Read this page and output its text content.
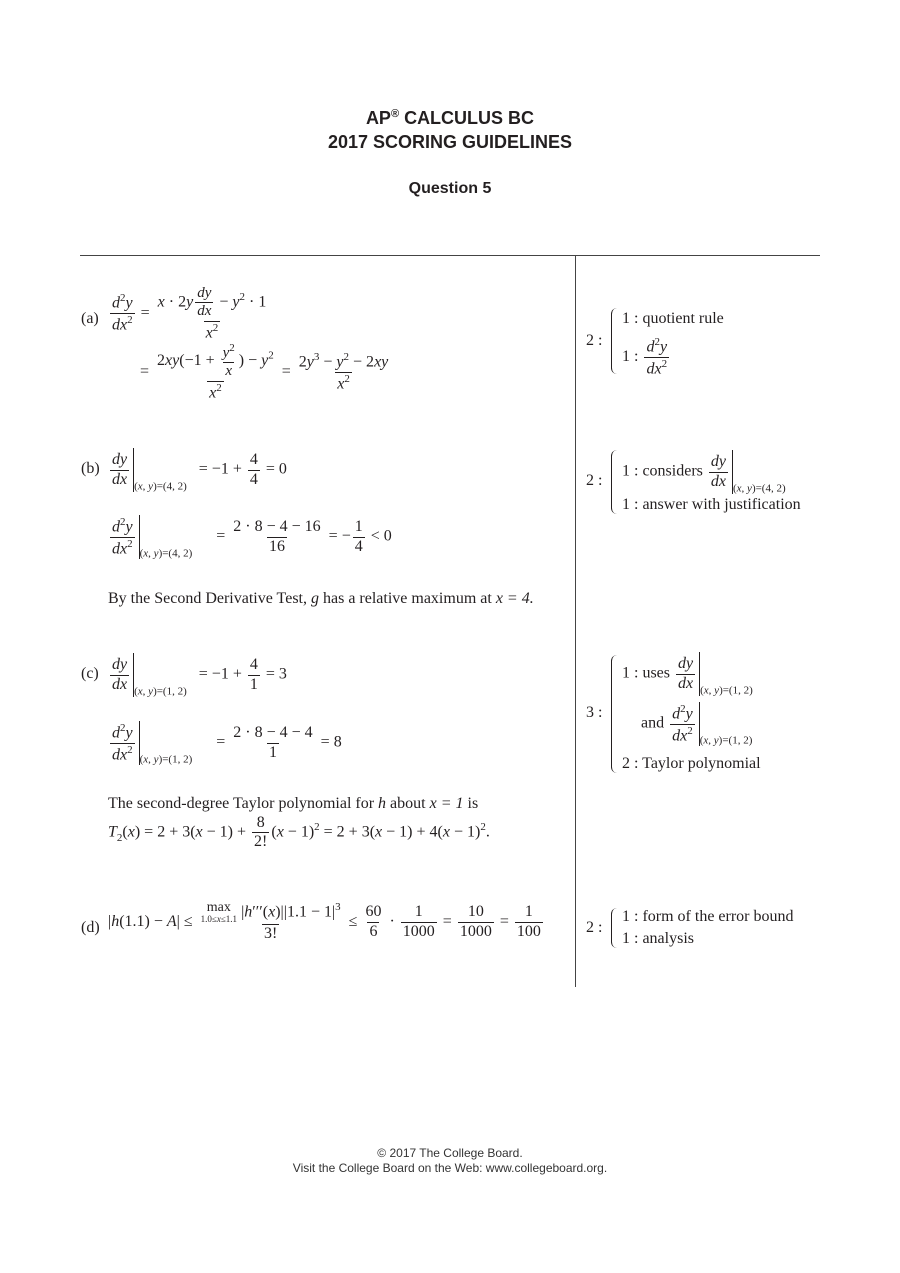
AP® CALCULUS BC
2017 SCORING GUIDELINES
Question 5
$(a) \frac{d^2y}{dx^2} = \frac{x \cdot 2y \frac{dy}{dx} - y^2 \cdot 1}{x^2}$
= $\frac{2xy(-1 + \frac{y^2}{x} ) - y^2}{x^2} = \frac{2y^3 - y^2 - 2xy}{x^2}$
2 :
1 : quotient rule
1 : $\frac{d^2y}{dx^2}$
$(b) \frac{dy}{dx} _{(x, y)=(4, 2)} = -1 + \frac{4}{4} = 0$
$\frac{d^2y}{dx^2} _{(x, y)=(4, 2)}$      = $\frac{2 \cdot 8 - 4 - 16}{16}$ = − $\frac{1}{4} < 0$
By the Second Derivative Test, g has a relative maximum at x = 4.
2 :
1 : considers $\frac{dy}{dx} _{(x, y)=(4, 2)}$
1 : answer with justification
$(c) \frac{dy}{dx} _{(x, y)=(1, 2)} = -1 + \frac{4}{1} = 3$
$\frac{d^2y}{dx^2} _{(x, y)=(1, 2)}$      = $\frac{2 \cdot 8 - 4 - 4}{1} = 8$
The second-degree Taylor polynomial for h about x = 1 is
$T_2(x) = 2 + 3(x - 1) + \frac{8}{2!} (x - 1)^2 = 2 + 3(x - 1) + 4(x - 1)^2$.
3 :
1 : uses $\frac{dy}{dx} _{(x, y)=(1, 2)}$
and $\frac{d^2y}{dx^2} _{(x, y)=(1, 2)}$
2 : Taylor polynomial
(d) |h(1.1) − A| ≤ max
1.0≤x≤1.1 $|h'''(x)||1.1 - 1|^3$
3! ≤ $\frac{60}{6} \cdot \frac{1}{1000} = \frac{10}{1000} = \frac{1}{100}$	2 :
1 : form of the error bound
1 : analysis
© 2017 The College Board.
Visit the College Board on the Web: www.collegeboard.org.
